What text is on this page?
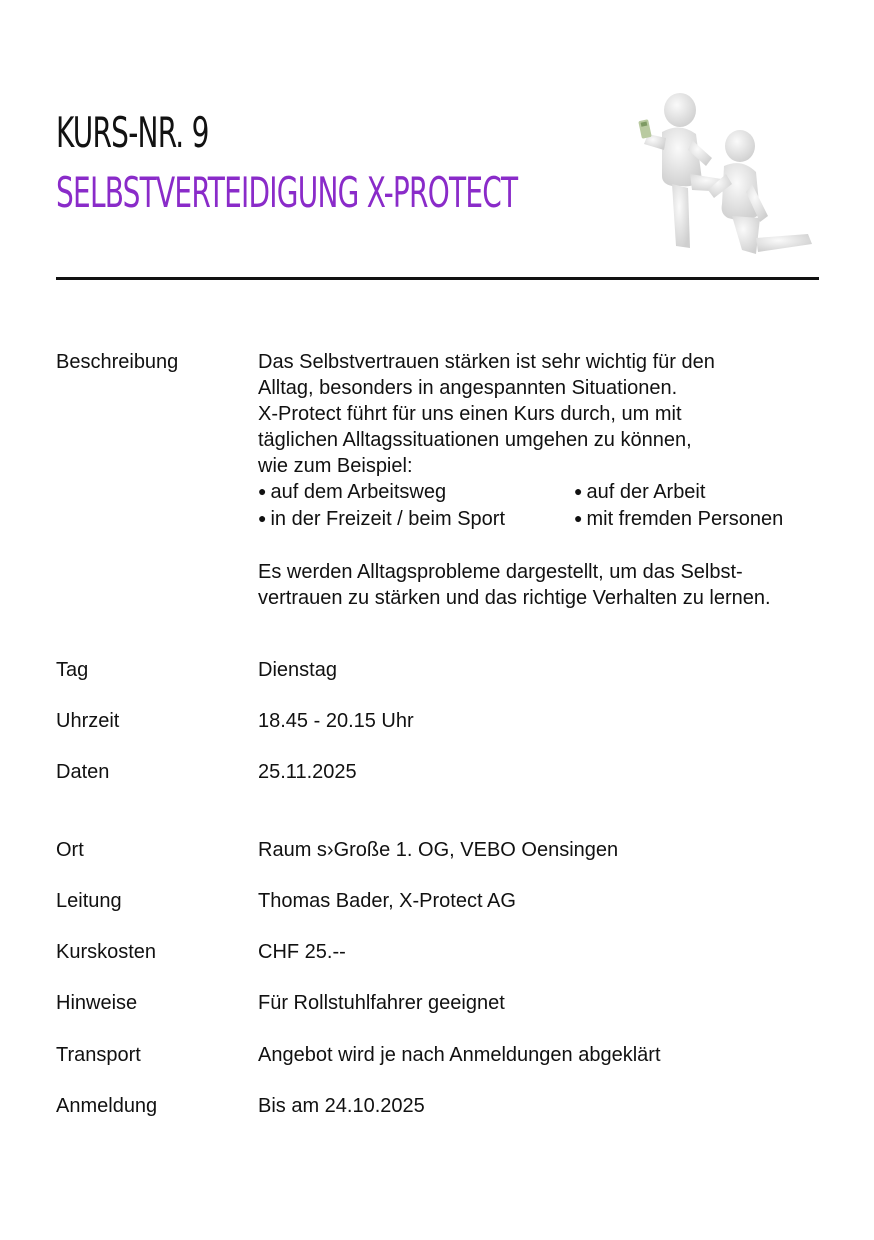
KURS-NR. 9
SELBSTVERTEIDIGUNG X-PROTECT
Beschreibung	Das Selbstvertrauen stärken ist sehr wichtig für den

Alltag, besonders in angespannten Situationen.

X-Protect führt für uns einen Kurs durch, um mit

täglichen Alltagssituationen umgehen zu können,

wie zum Beispiel:

● auf dem Arbeitsweg	● auf der Arbeit
● in der Freizeit / beim Sport	● mit fremden Personen

Es werden Alltagsprobleme dargestellt, um das Selbst-

vertrauen zu stärken und das richtige Verhalten zu lernen.

Tag	Dienstag
Uhrzeit	18.45 - 20.15 Uhr
Daten	25.11.2025
Ort	Raum s›Große 1. OG, VEBO Oensingen
Leitung	Thomas Bader, X-Protect AG
Kurskosten	CHF 25.--
Hinweise	Für Rollstuhlfahrer geeignet
Transport	Angebot wird je nach Anmeldungen abgeklärt
Anmeldung	Bis am 24.10.2025
